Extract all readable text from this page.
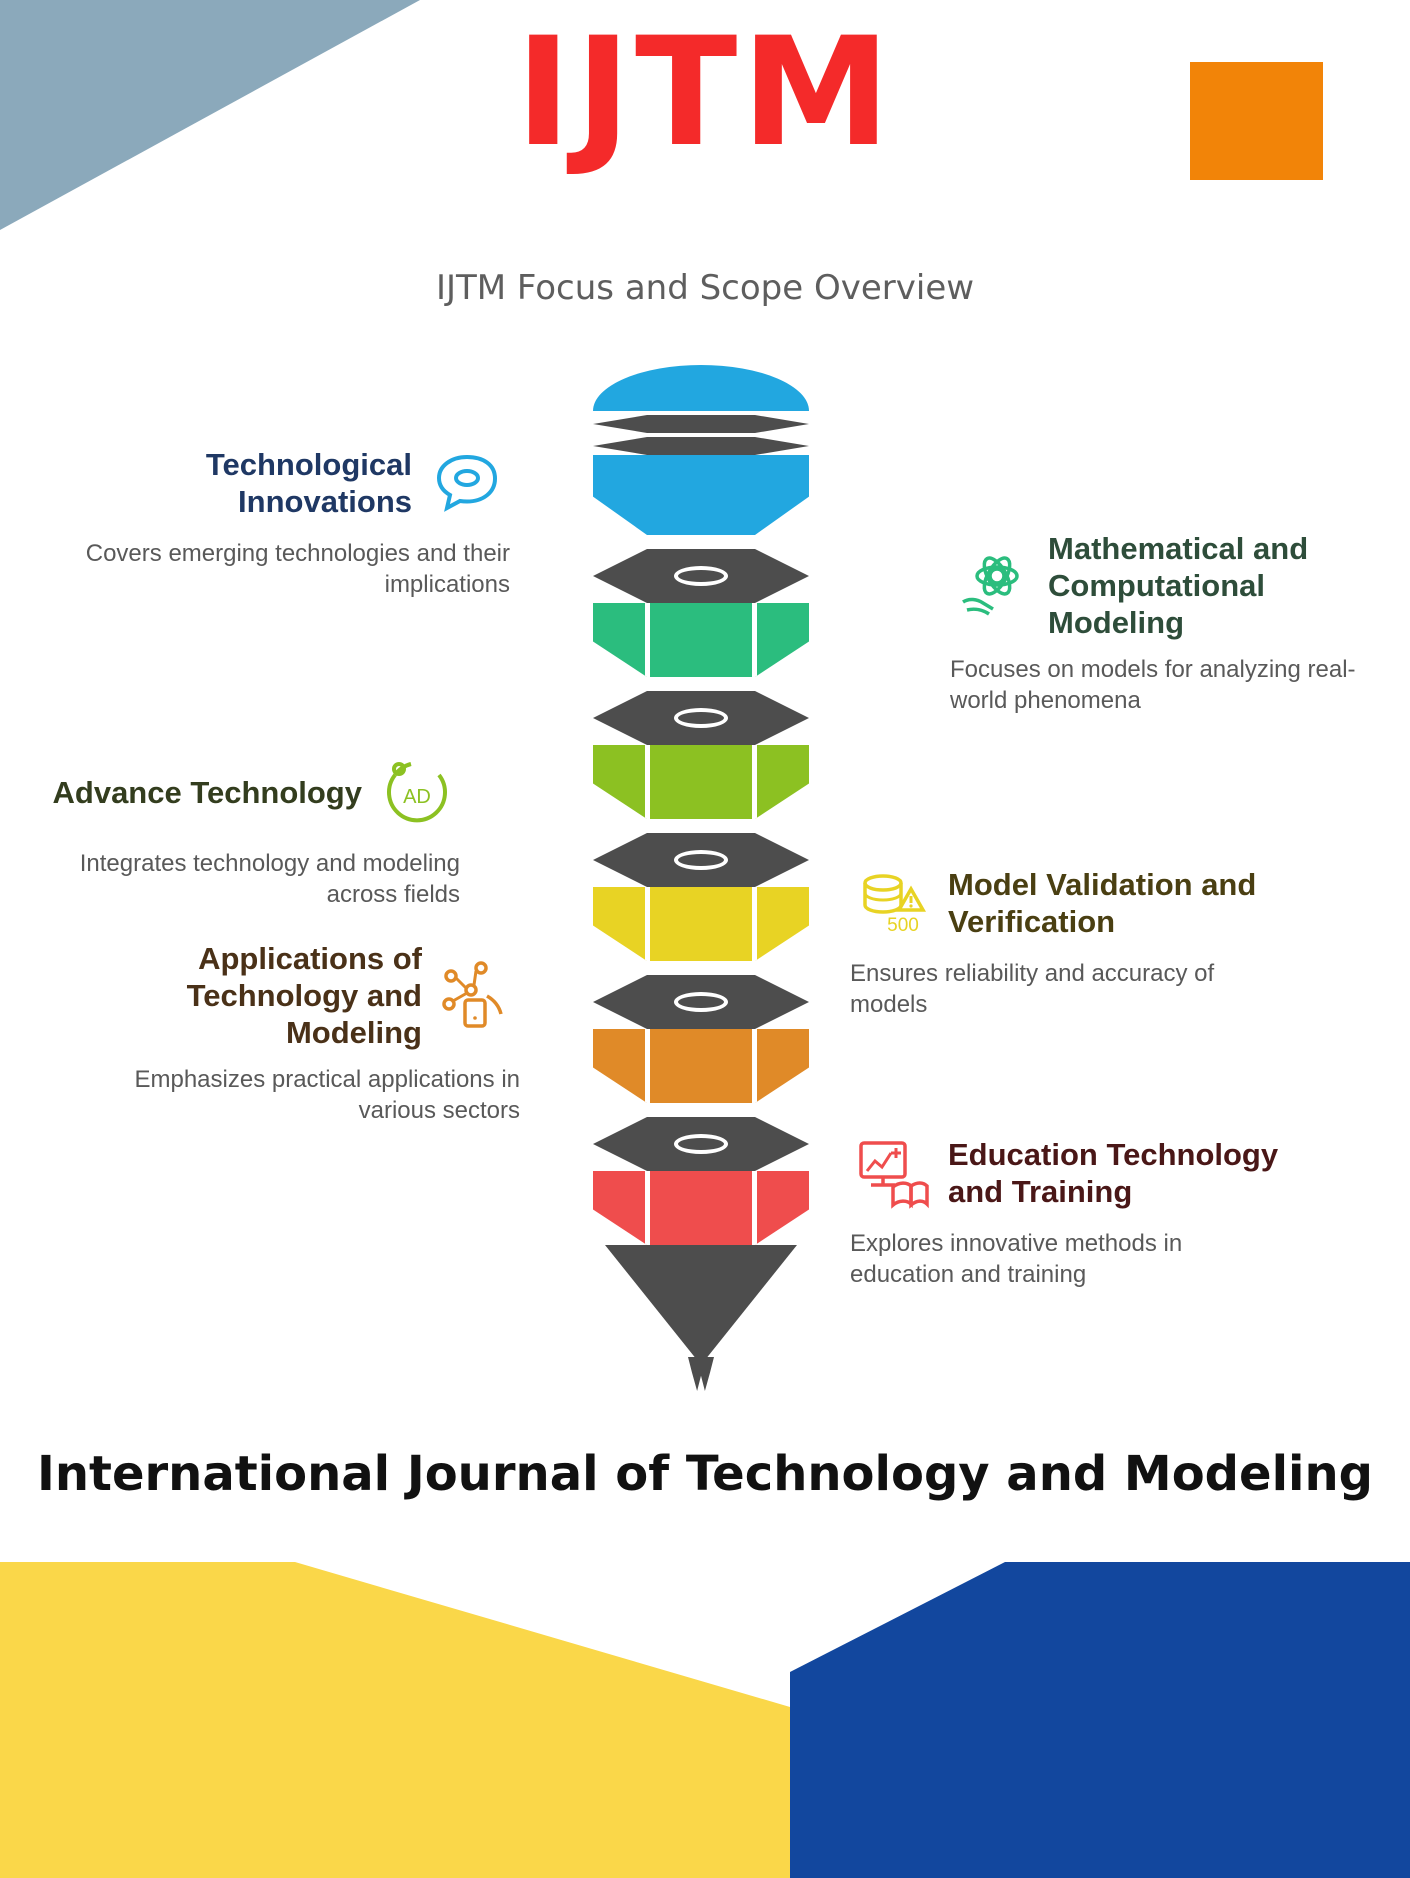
IJTM
IJTM Focus and Scope Overview
Technological Innovations
Covers emerging technologies and their implications
Mathematical and Computational Modeling
Focuses on models for analyzing real-world phenomena
Advance Technology AD
Integrates technology and modeling across fields
500
Model Validation and Verification
Ensures reliability and accuracy of models
Applications of Technology and Modeling
Emphasizes practical applications in various sectors
Education Technology and Training
Explores innovative methods in education and training
International Journal of Technology and Modeling
